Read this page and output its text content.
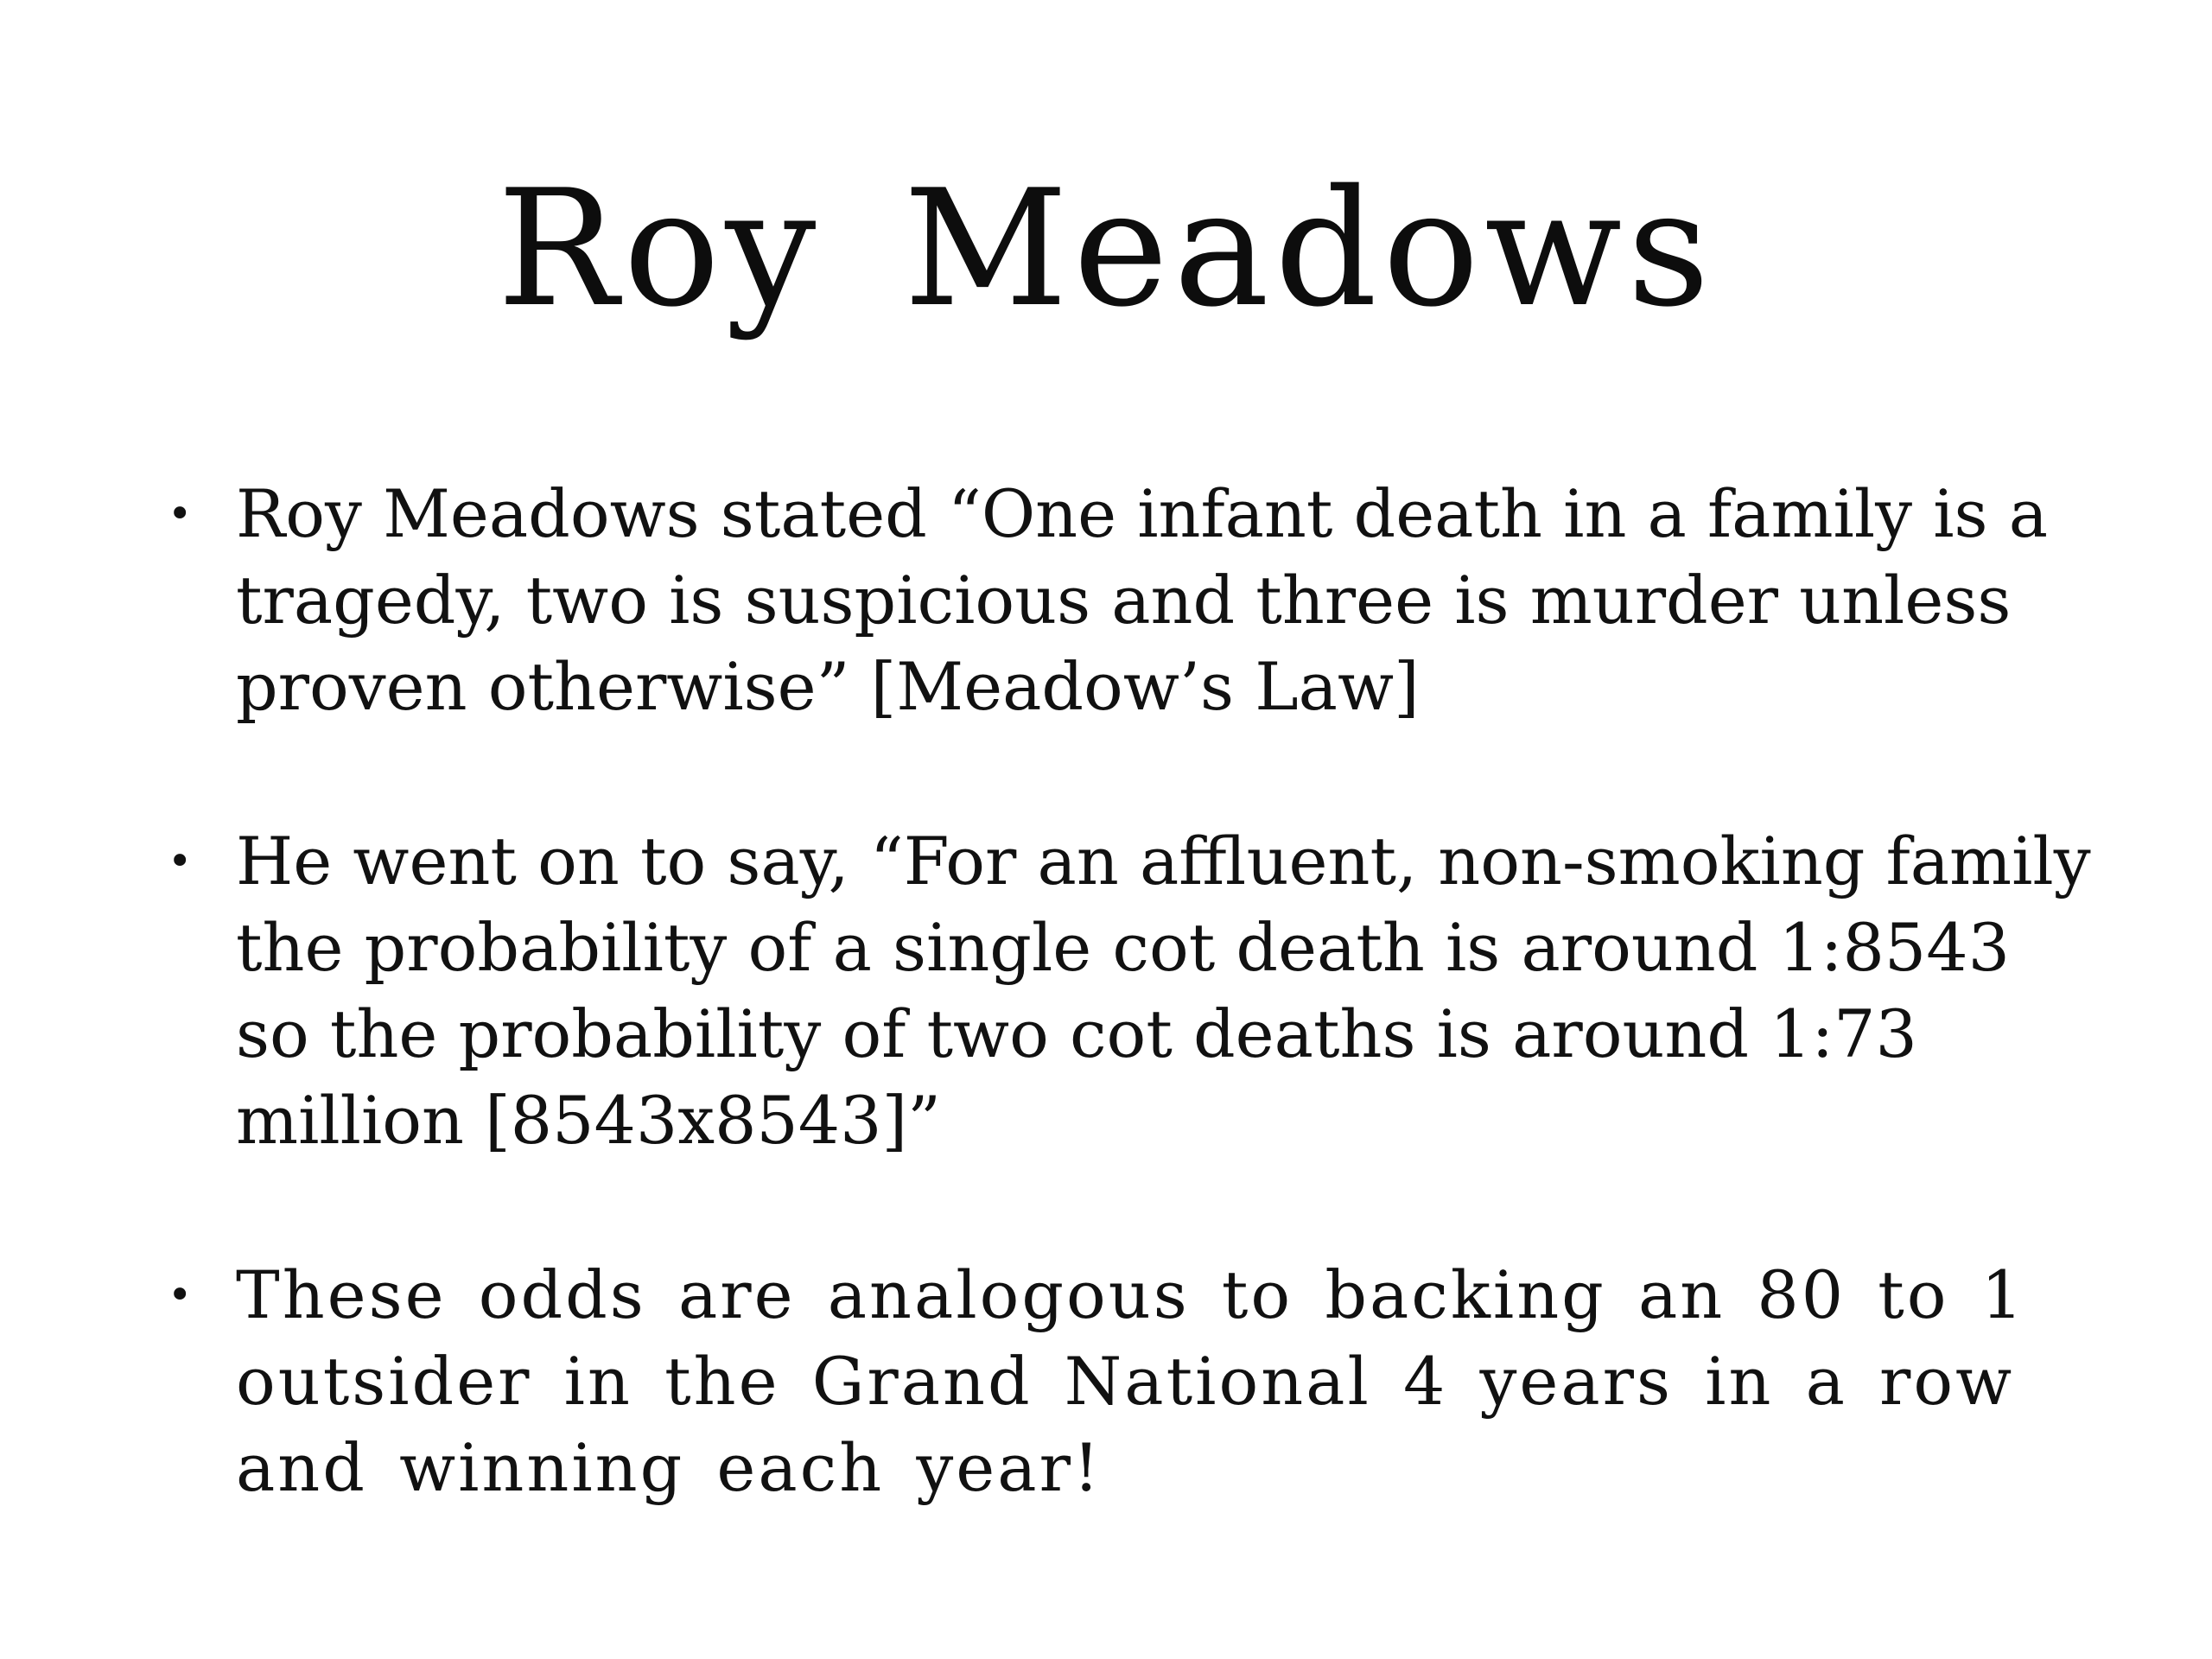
Roy Meadows
• Roy Meadows stated “One infant death in a family is a tragedy, two is suspicious and three is murder unless proven otherwise” [Meadow’s Law]
• He went on to say, “For an affluent, non-smoking family the probability of a single cot death is around 1:8543 so the probability of two cot deaths is around 1:73 million [8543x8543]”
• These odds are analogous to backing an 80 to 1 outsider in the Grand National 4 years in a row and winning each year!
